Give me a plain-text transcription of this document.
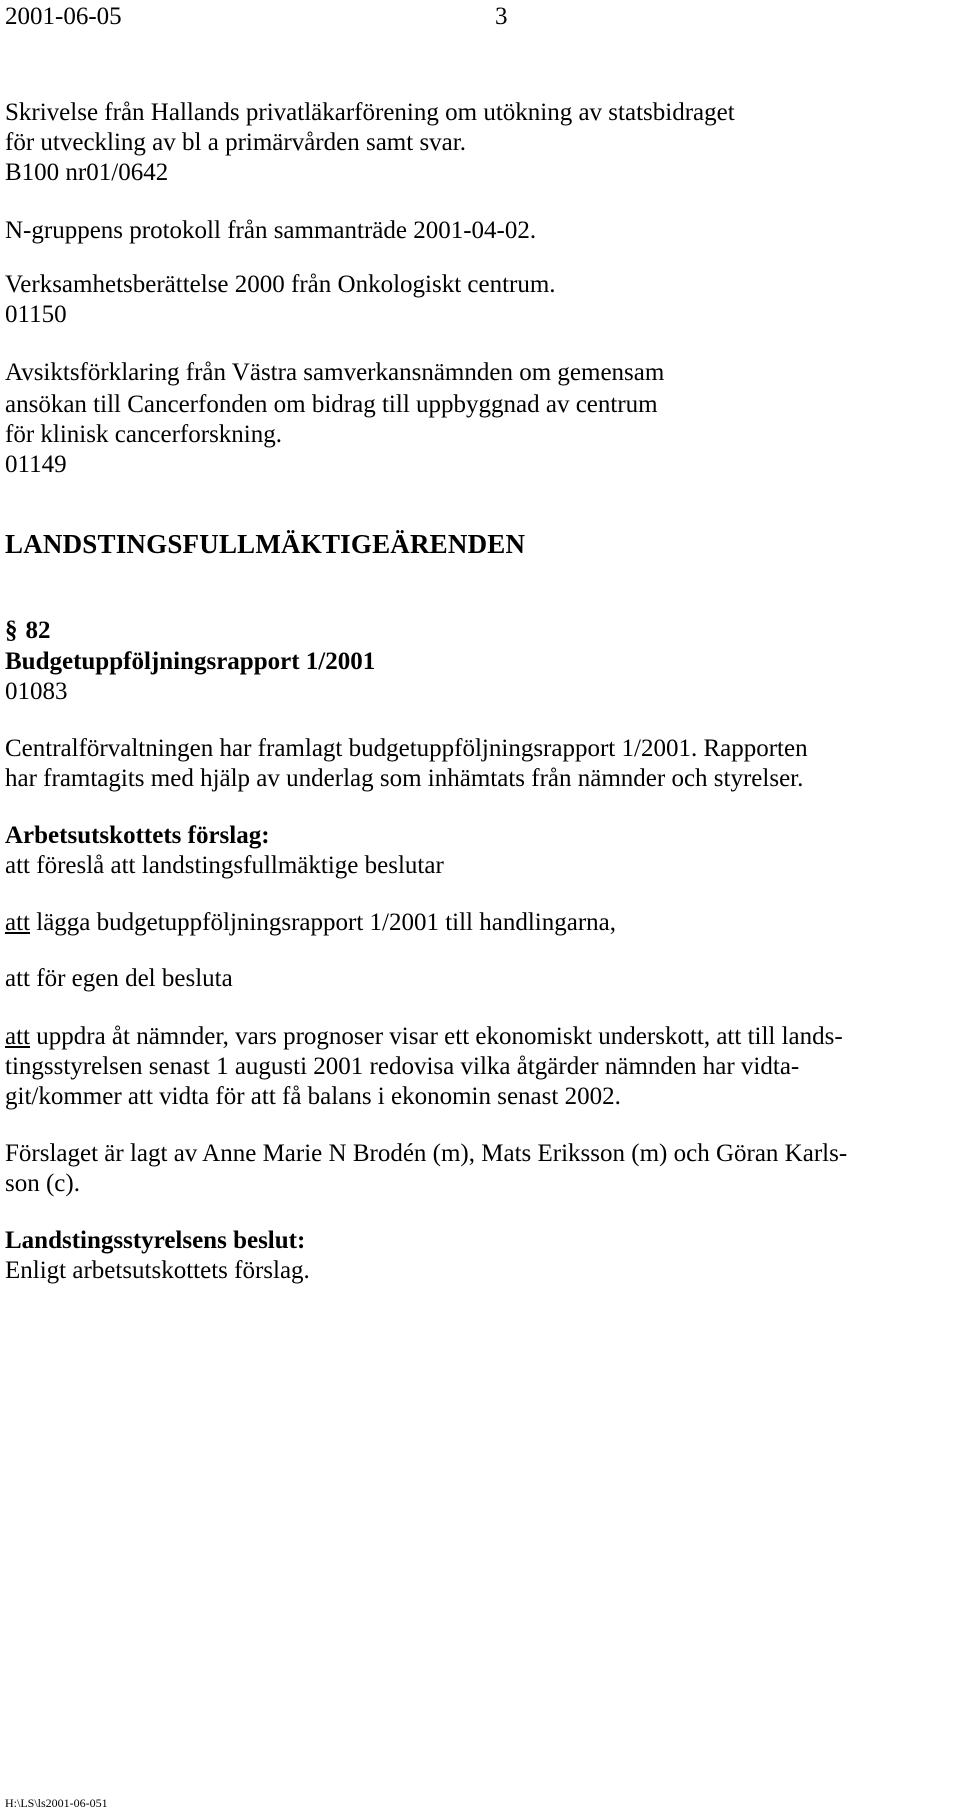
2001-06-05	3

Skrivelse från Hallands privatläkarförening om utökning av statsbidraget

för utveckling av bl a primärvården samt svar.

B100 nr01/0642

N-gruppens protokoll från sammanträde 2001-04-02.

Verksamhetsberättelse 2000 från Onkologiskt centrum.

01150

Avsiktsförklaring från Västra samverkansnämnden om gemensam

ansökan till Cancerfonden om bidrag till uppbyggnad av centrum

för klinisk cancerforskning.

01149

LANDSTINGSFULLMÄKTIGEÄRENDEN

§ 82

Budgetuppföljningsrapport 1/2001

01083

Centralförvaltningen har framlagt budgetuppföljningsrapport 1/2001. Rapporten

har framtagits med hjälp av underlag som inhämtats från nämnder och styrelser.

Arbetsutskottets förslag:

att föreslå att landstingsfullmäktige beslutar

att lägga budgetuppföljningsrapport 1/2001 till handlingarna,

att för egen del besluta

att uppdra åt nämnder, vars prognoser visar ett ekonomiskt underskott, att till lands-

tingsstyrelsen senast 1 augusti 2001 redovisa vilka åtgärder nämnden har vidta-

git/kommer att vidta för att få balans i ekonomin senast 2002.

Förslaget är lagt av Anne Marie N Brodén (m), Mats Eriksson (m) och Göran Karls-

son (c).

Landstingsstyrelsens beslut:

Enligt arbetsutskottets förslag.

H:\LS\ls2001-06-051
